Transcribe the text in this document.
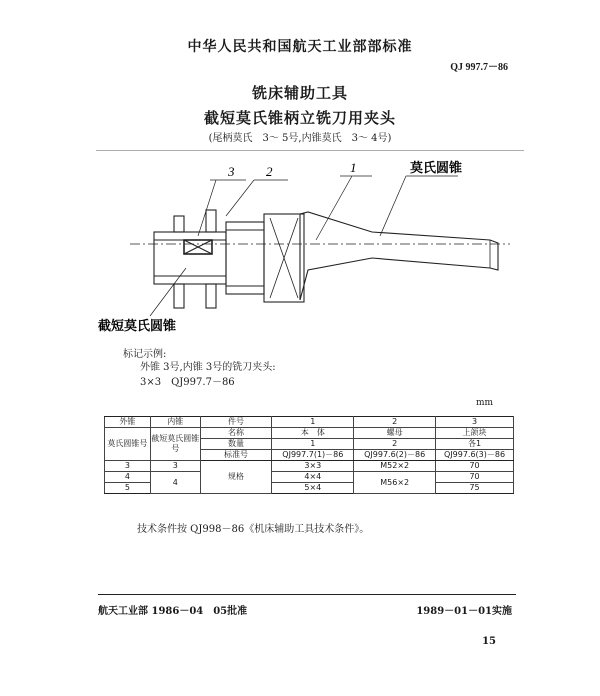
中华人民共和国航天工业部部标准
QJ 997.7－86
铣床辅助工具
截短莫氏锥柄立铣刀用夹头
(尾柄莫氏　3～ 5号,内锥莫氏　3～ 4号)
3 2	1	莫氏圆锥
截短莫氏圆锥
标记示例:
外锥 3号,内锥 3号的铣刀夹头:
3×3　QJ997.7－86
mm
外锥	内锥	件号	1	2	3
莫氏圆锥号	截短莫氏圆锥号	名称	本　体	螺母	上颌块
		数量	1	2	各1
		标准号	QJ997.7(1)－86	QJ997.6(2)－86	QJ997.6(3)－86
3	3	规格	3×3	M52×2	70
4	4		4×4	M56×2	70
5			5×4		75
技术条件按 QJ998－86《机床辅助工具技术条件》。
航天工业部 1986－04　05批准	1989－01－01实施
15
